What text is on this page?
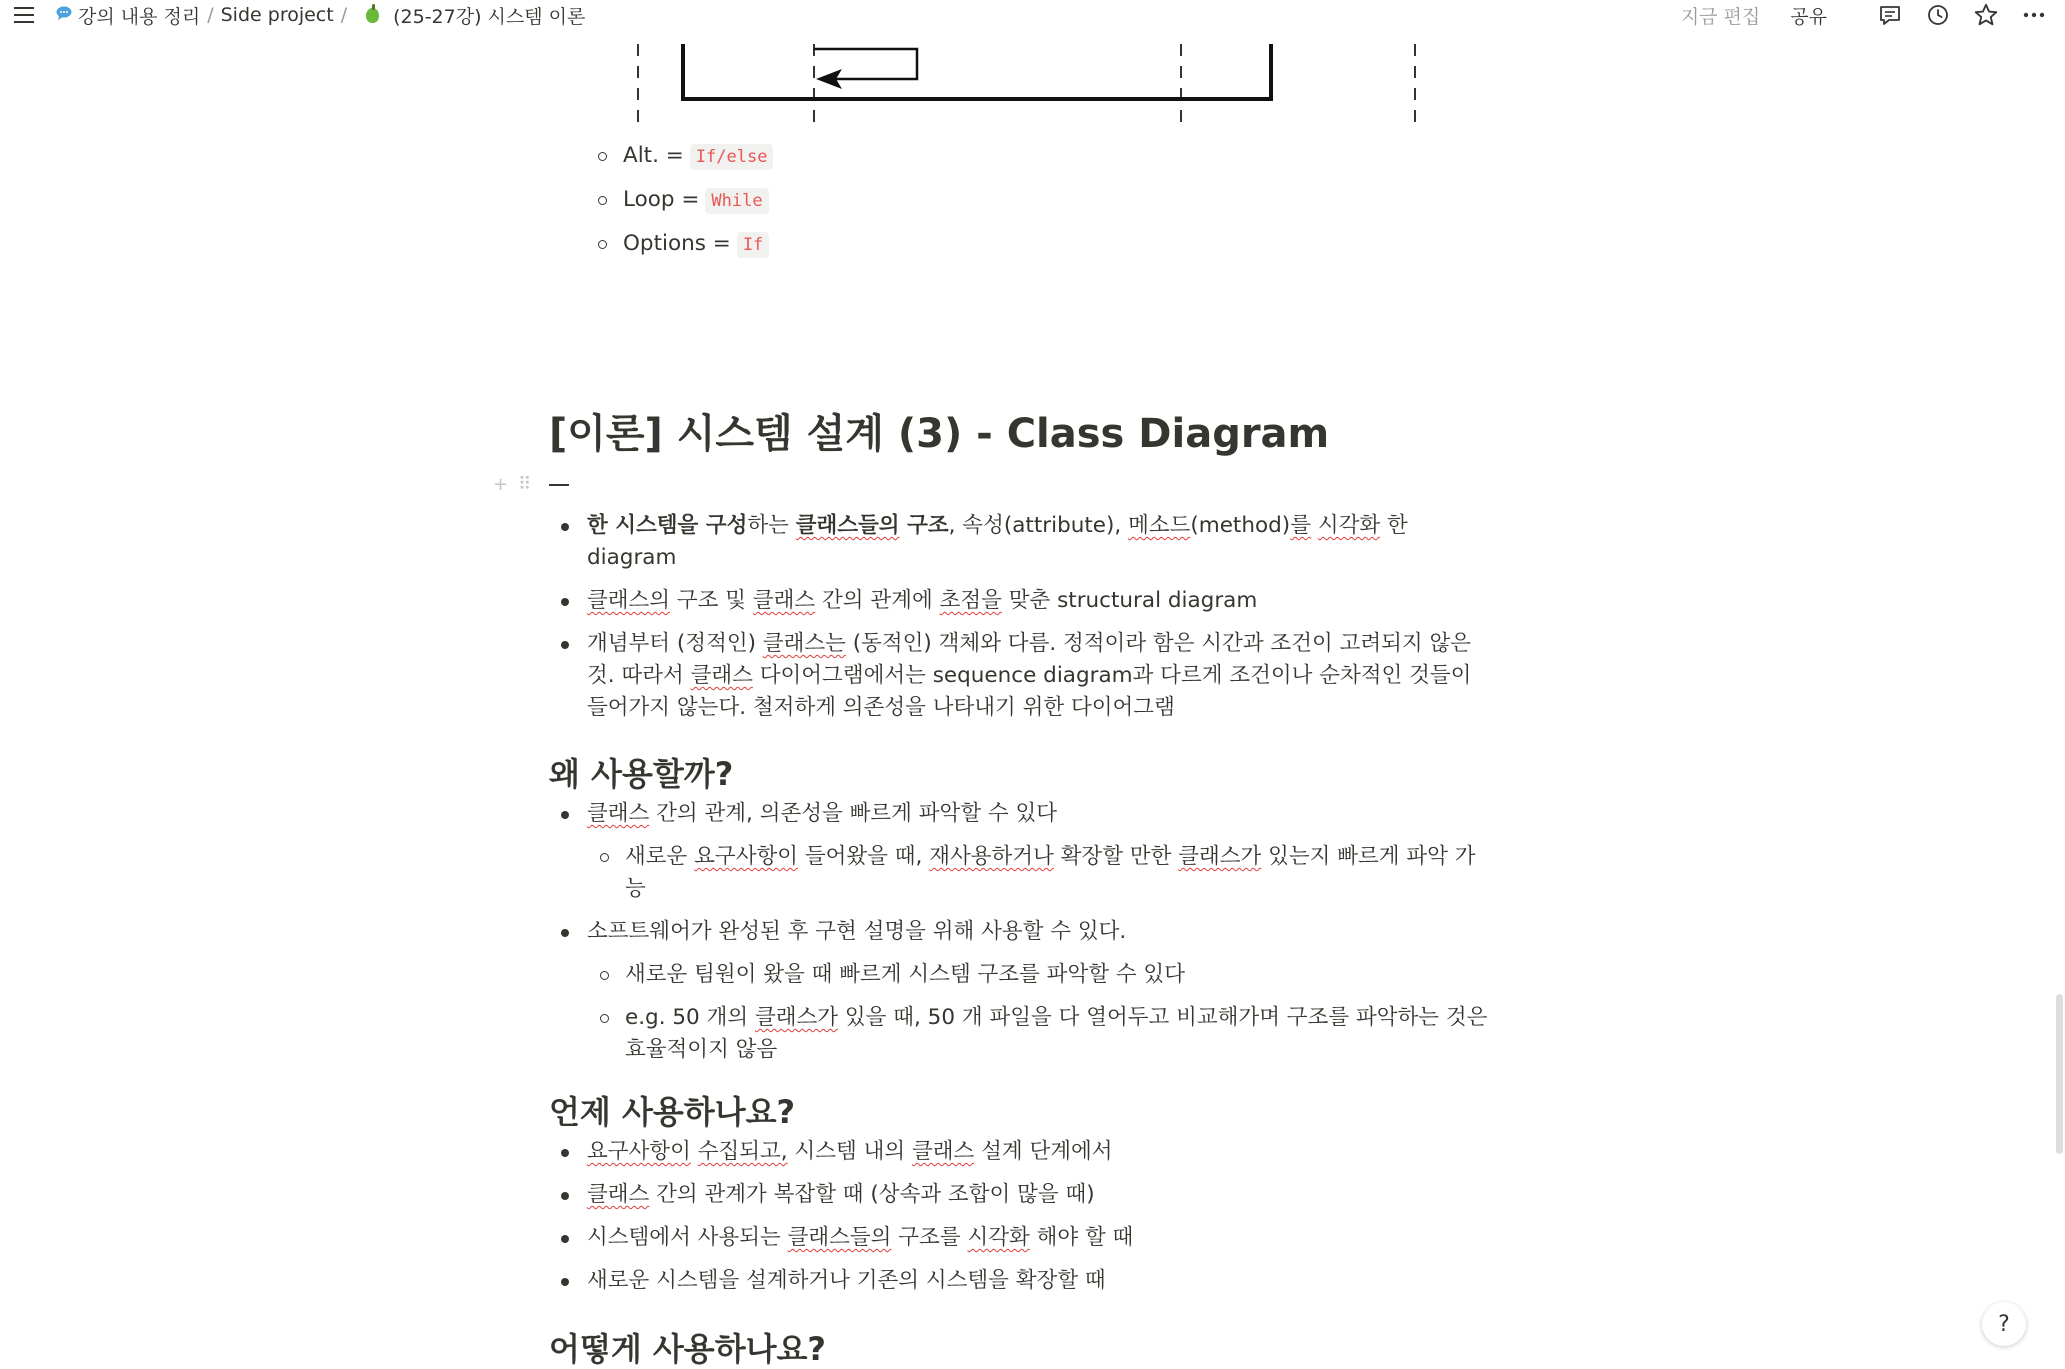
강의 내용 정리 / Side project / (25-27강) 시스템 이론	지금 편집 공유
Alt. = If/else
Loop = While
Options = If
[이론] 시스템 설계 (3) - Class Diagram
+⠿
한 시스템을 구성하는 클래스들의 구조, 속성(attribute), 메소드(method)를 시각화 한 diagram
클래스의 구조 및 클래스 간의 관계에 초점을 맞춘 structural diagram
개념부터 (정적인) 클래스는 (동적인) 객체와 다름. 정적이라 함은 시간과 조건이 고려되지 않은 것. 따라서 클래스 다이어그램에서는 sequence diagram과 다르게 조건이나 순차적인 것들이 들어가지 않는다. 철저하게 의존성을 나타내기 위한 다이어그램
왜 사용할까?
클래스 간의 관계, 의존성을 빠르게 파악할 수 있다
새로운 요구사항이 들어왔을 때, 재사용하거나 확장할 만한 클래스가 있는지 빠르게 파악 가능
소프트웨어가 완성된 후 구현 설명을 위해 사용할 수 있다.
새로운 팀원이 왔을 때 빠르게 시스템 구조를 파악할 수 있다
e.g. 50 개의 클래스가 있을 때, 50 개 파일을 다 열어두고 비교해가며 구조를 파악하는 것은 효율적이지 않음
언제 사용하나요?
요구사항이 수집되고, 시스템 내의 클래스 설계 단계에서
클래스 간의 관계가 복잡할 때 (상속과 조합이 많을 때)
시스템에서 사용되는 클래스들의 구조를 시각화 해야 할 때
새로운 시스템을 설계하거나 기존의 시스템을 확장할 때
어떻게 사용하나요?
?
